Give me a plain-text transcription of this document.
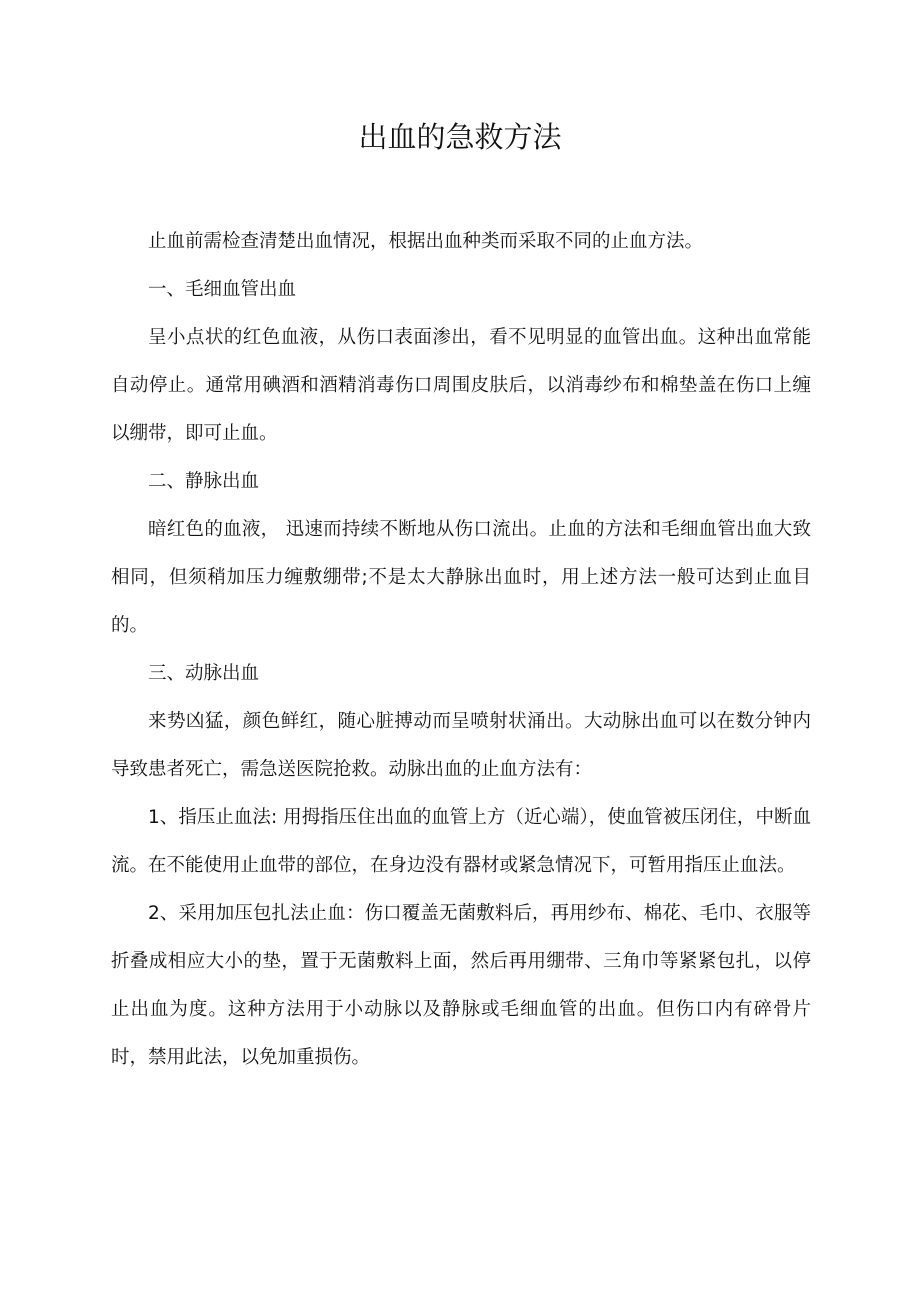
出血的急救方法

止血前需检查清楚出血情况，根据出血种类而采取不同的止血方法。

一、毛细血管出血

呈小点状的红色血液，从伤口表面渗出，看不见明显的血管出血。这种出血常能自动停止。通常用碘酒和酒精消毒伤口周围皮肤后，以消毒纱布和棉垫盖在伤口上缠以绷带，即可止血。

二、静脉出血

暗红色的血液， 迅速而持续不断地从伤口流出。止血的方法和毛细血管出血大致相同，但须稍加压力缠敷绷带;不是太大静脉出血时，用上述方法一般可达到止血目的。

三、动脉出血

来势凶猛，颜色鲜红，随心脏搏动而呈喷射状涌出。大动脉出血可以在数分钟内导致患者死亡，需急送医院抢救。动脉出血的止血方法有：

1、指压止血法: 用拇指压住出血的血管上方（近心端），使血管被压闭住，中断血流。在不能使用止血带的部位，在身边没有器材或紧急情况下，可暂用指压止血法。

2、采用加压包扎法止血：伤口覆盖无菌敷料后，再用纱布、棉花、毛巾、衣服等折叠成相应大小的垫，置于无菌敷料上面，然后再用绷带、三角巾等紧紧包扎，以停止出血为度。这种方法用于小动脉以及静脉或毛细血管的出血。但伤口内有碎骨片时，禁用此法，以免加重损伤。
